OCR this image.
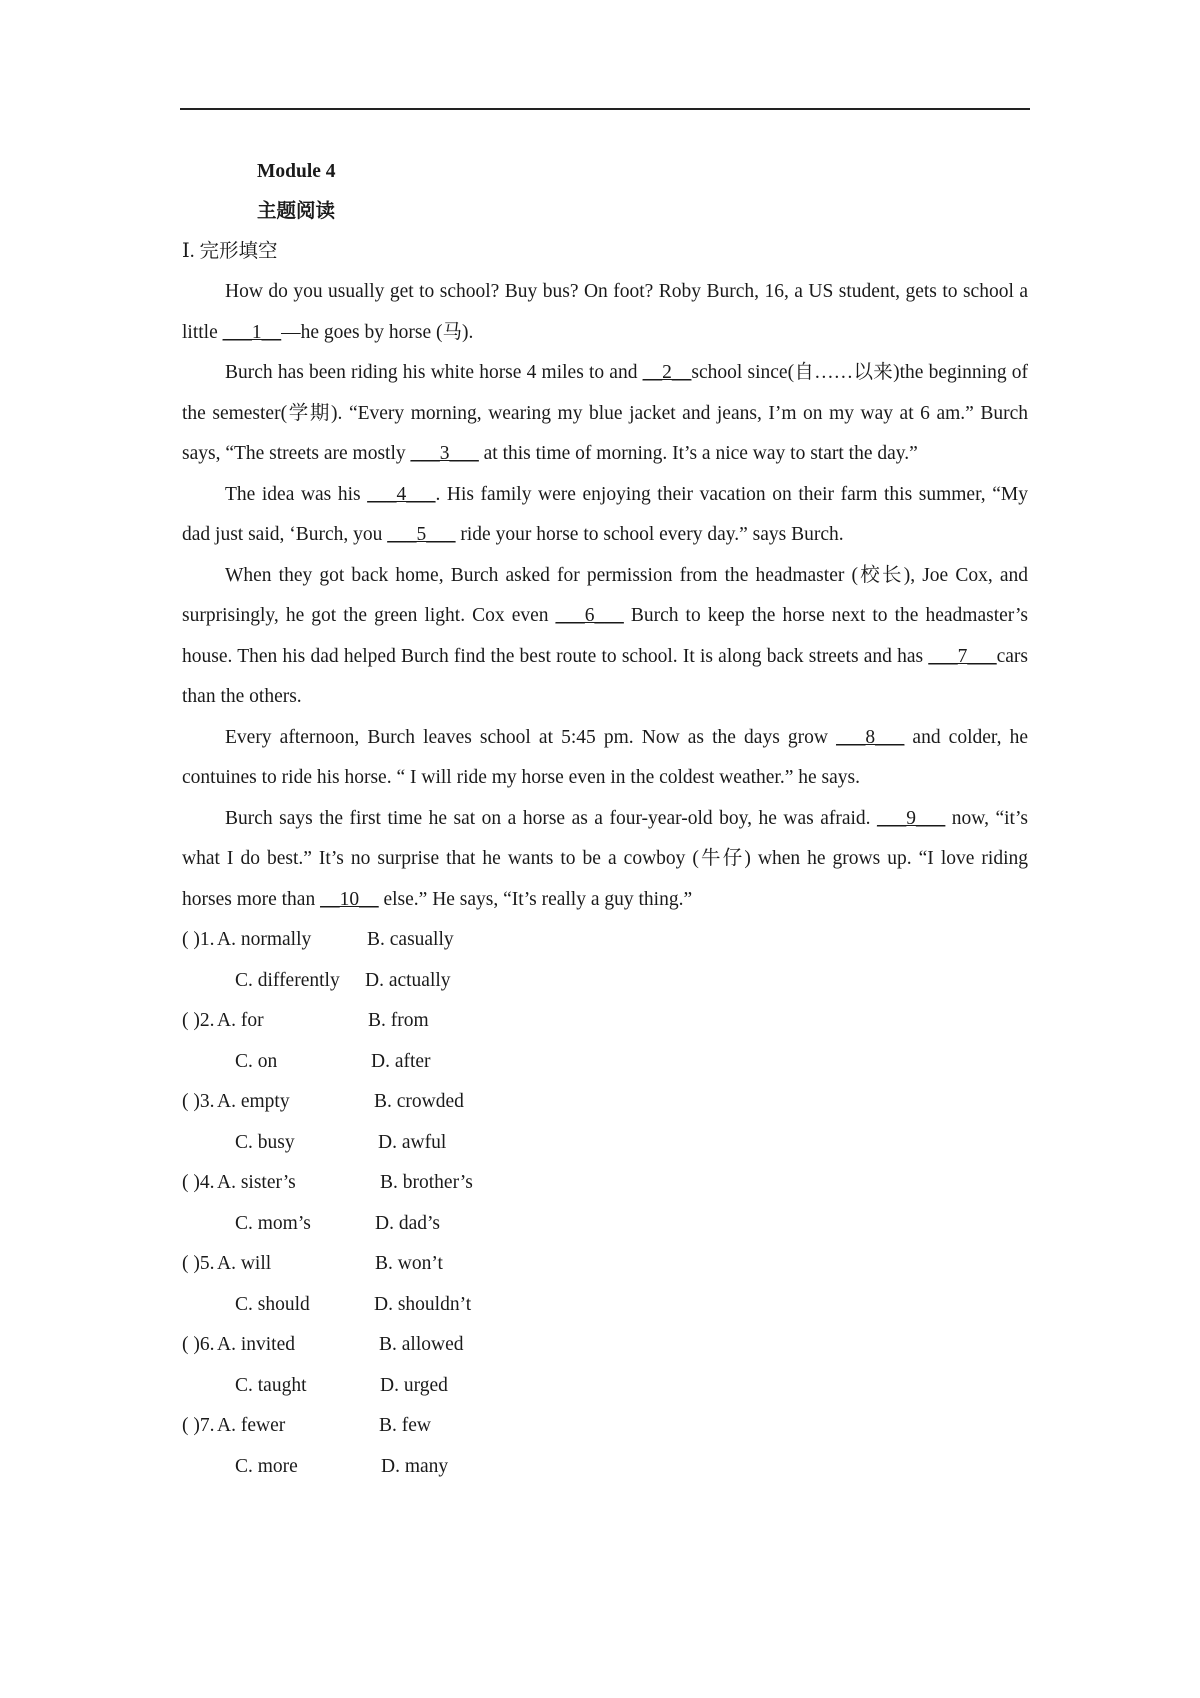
Module 4
主题阅读
Ⅰ. 完形填空

How do you usually get to school? Buy bus? On foot? Roby Burch, 16, a US student, gets to school a little ___1__—he goes by horse (马).

Burch has been riding his white horse 4 miles to and __2__school since(自……以来)the beginning of the semester(学期). “Every morning, wearing my blue jacket and jeans, I’m on my way at 6 am.” Burch says, “The streets are mostly ___3___ at this time of morning. It’s a nice way to start the day.”

The idea was his ___4___. His family were enjoying their vacation on their farm this summer, “My dad just said, ‘Burch, you ___5___ ride your horse to school every day.” says Burch.

When they got back home, Burch asked for permission from the headmaster (校长), Joe Cox, and surprisingly, he got the green light. Cox even ___6___ Burch to keep the horse next to the headmaster’s house. Then his dad helped Burch find the best route to school. It is along back streets and has ___7___cars than the others.

Every afternoon, Burch leaves school at 5:45 pm. Now as the days grow ___8___ and colder, he contuines to ride his horse. “ I will ride my horse even in the coldest weather.” he says.

Burch says the first time he sat on a horse as a four-year-old boy, he was afraid. ___9___ now, “it’s what I do best.” It’s no surprise that he wants to be a cowboy (牛仔) when he grows up. “I love riding horses more than __10__ else.” He says, “It’s really a guy thing.”

( )1. A. normally	B. casually
C. differently D. actually
( )2. A. for	B. from
C. on	D. after
( )3. A. empty	B. crowded
C. busy	D. awful
( )4. A. sister’s	B. brother’s
C. mom’s	D. dad’s
( )5. A. will	B. won’t
C. should	D. shouldn’t
( )6. A. invited	B. allowed
C. taught	D. urged
( )7. A. fewer	B. few
C. more	D. many
